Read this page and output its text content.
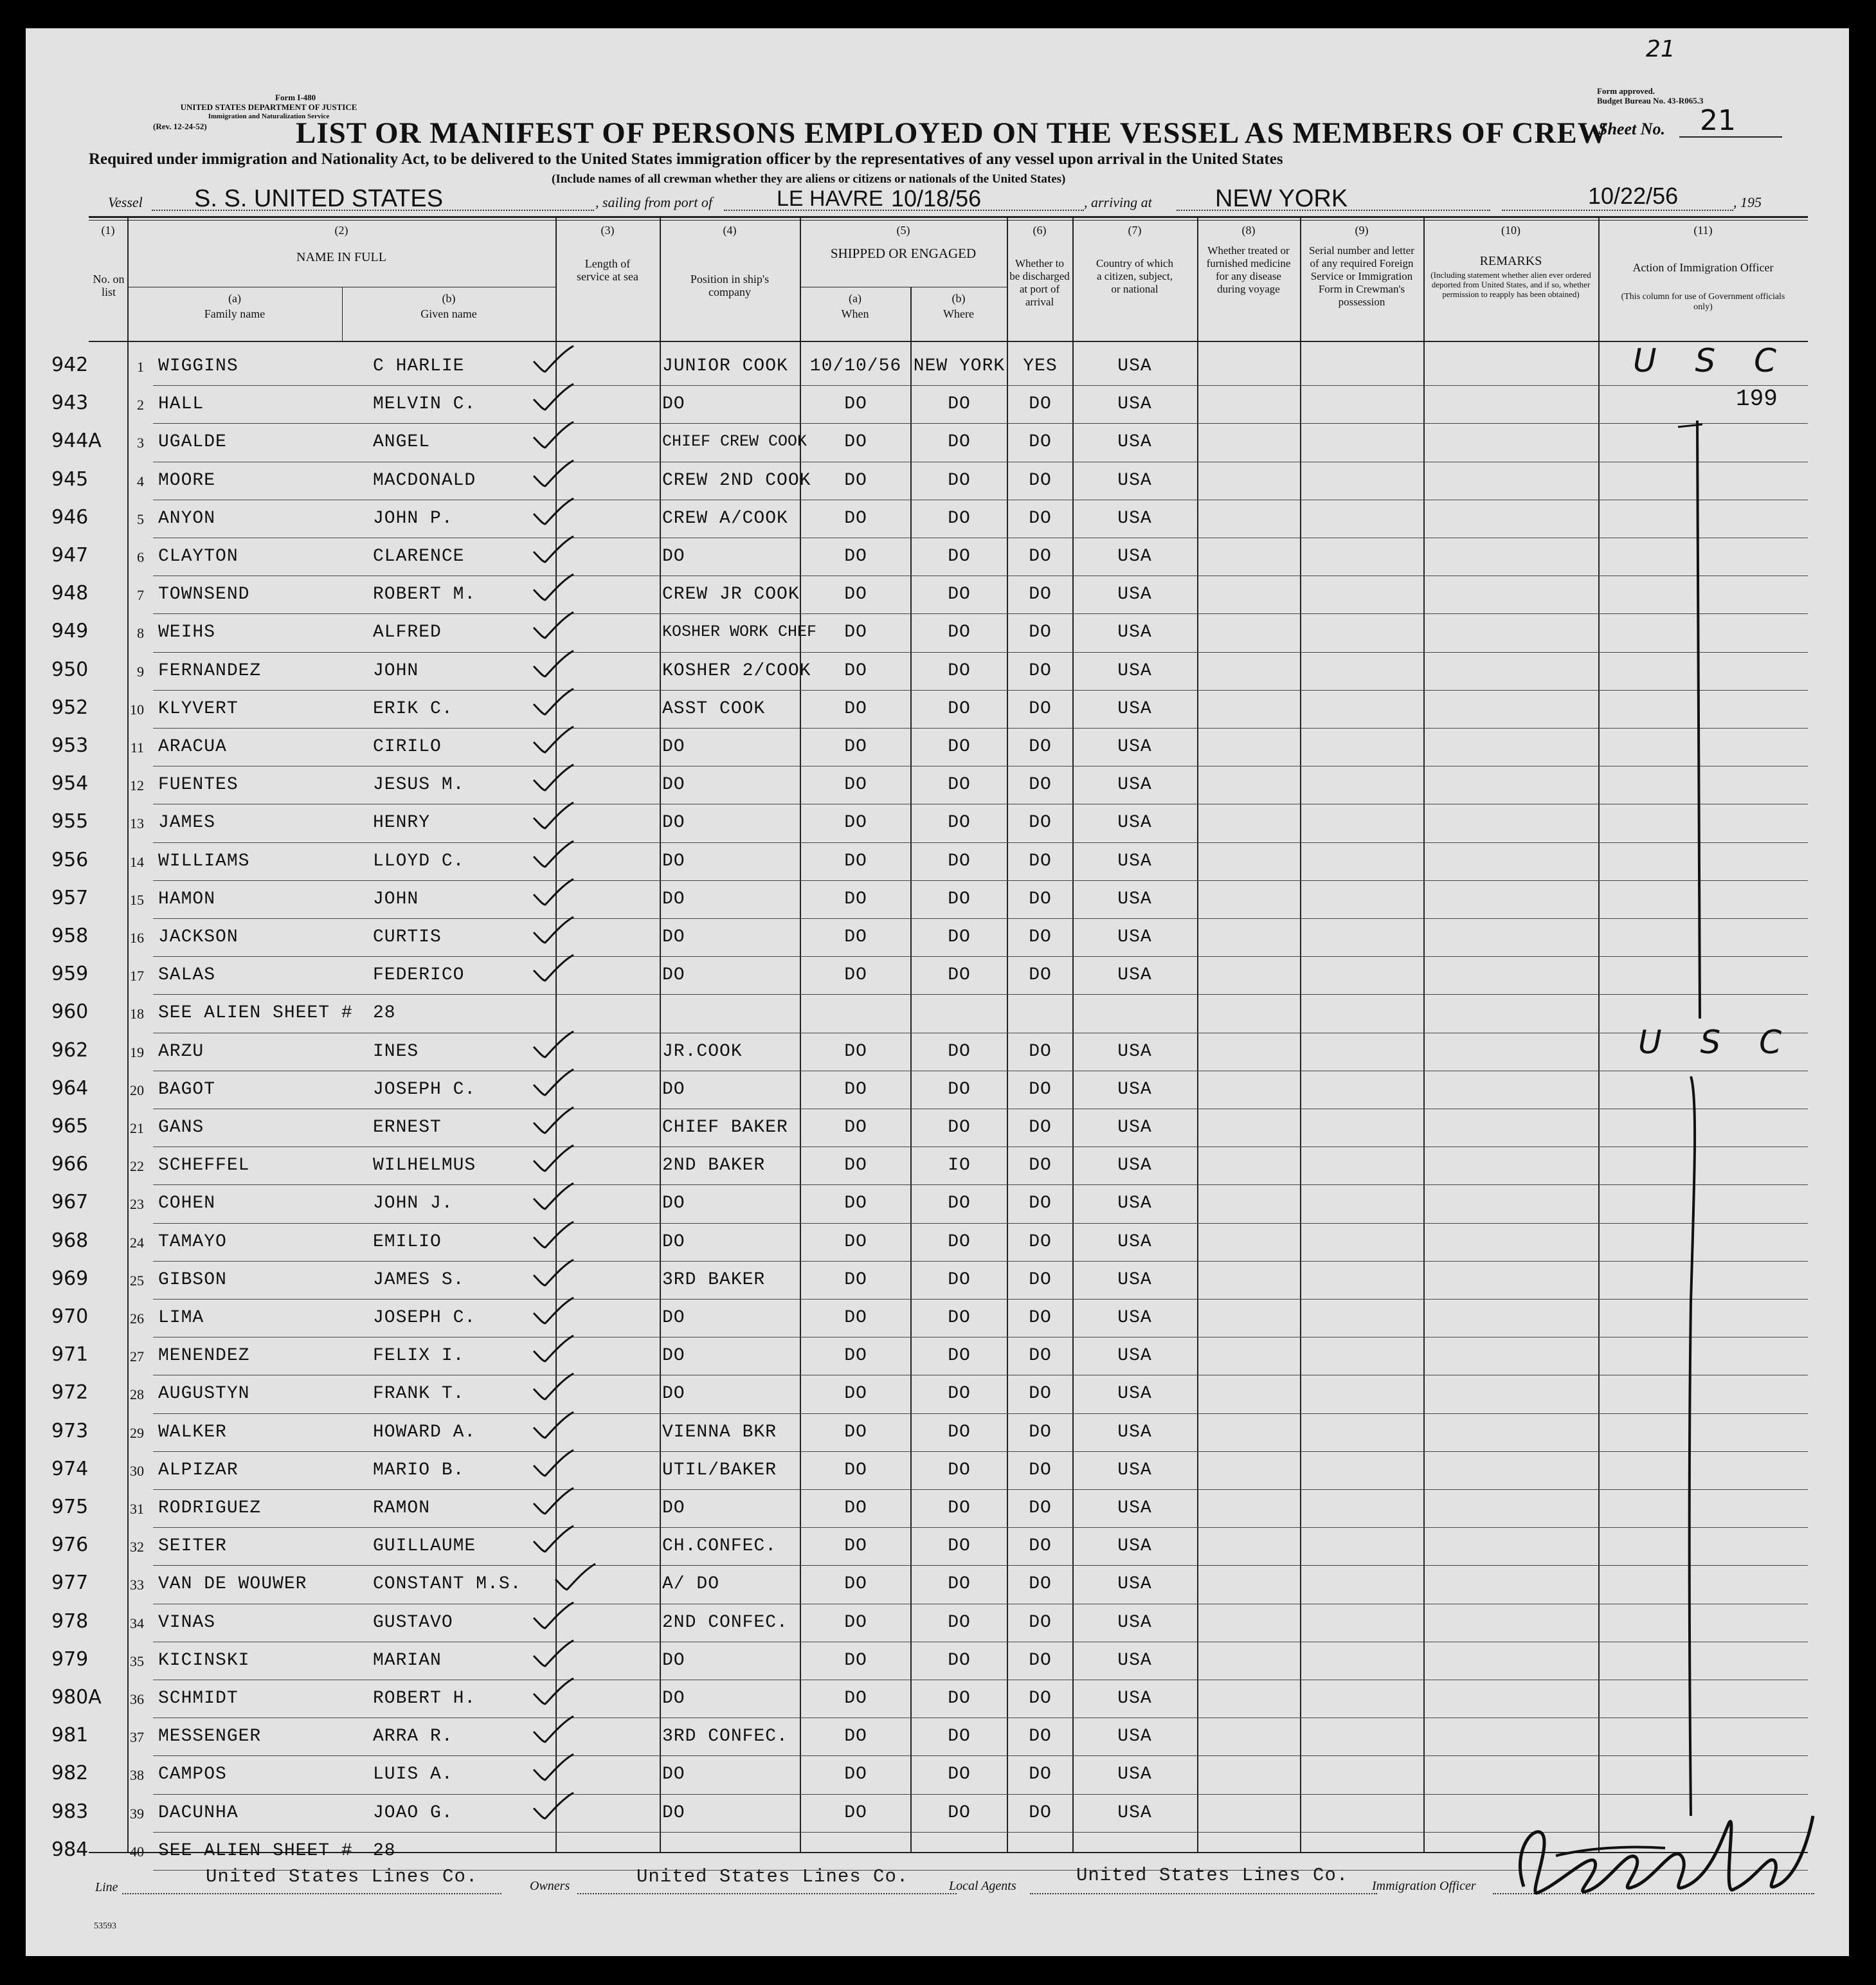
Form I-480
UNITED STATES DEPARTMENT OF JUSTICE
Immigration and Naturalization Service
(Rev. 12-24-52)
Form approved.
Budget Bureau No. 43-R065.3
21
LIST OR MANIFEST OF PERSONS EMPLOYED ON THE VESSEL AS MEMBERS OF CREW
Sheet No. 21
Required under immigration and Nationality Act, to be delivered to the United States immigration officer by the representatives of any vessel upon arrival in the United States
(Include names of all crewman whether they are aliens or citizens or nationals of the United States)
Vessel S. S. UNITED STATES	, sailing from port of	LE HAVRE 10/18/56	, arriving at	NEW YORK	10/22/56	, 195
(1)
No. on list
(2)
NAME IN FULL
(a)
Family name
(b)
Given name
(3)
Length of service at sea
(4)
Position in ship's company
(5)
SHIPPED OR ENGAGED
(a)
When
(b)
Where
(6)
Whether to be discharged at port of arrival
(7)
Country of which a citizen, subject, or national
(8)
Whether treated or furnished medicine for any disease during voyage
(9)
Serial number and letter of any required Foreign Service or Immigration Form in Crewman's possession
(10)
REMARKS
(Including statement whether alien ever ordered deported from United States, and if so, whether permission to reapply has been obtained)
(11)
Action of Immigration Officer
(This column for use of Government officials only)
942	1 WIGGINS	C HARLIE	JUNIOR COOK	10/10/56 NEW YORK	YES	USA
943	2 HALL	MELVIN C.	DO	DO	DO	DO	USA
944A	3 UGALDE	ANGEL	CHIEF CREW COOK	DO	DO	DO	USA
945	4 MOORE	MACDONALD	CREW 2ND COOK	DO	DO	DO	USA
946	5 ANYON	JOHN P.	CREW A/COOK	DO	DO	DO	USA
947	6 CLAYTON	CLARENCE	DO	DO	DO	DO	USA
948	7 TOWNSEND	ROBERT M.	CREW JR COOK	DO	DO	DO	USA
949	8 WEIHS	ALFRED	KOSHER WORK CHEF	DO	DO	DO	USA
950	9 FERNANDEZ	JOHN	KOSHER 2/COOK	DO	DO	DO	USA
952	10 KLYVERT	ERIK C.	ASST COOK	DO	DO	DO	USA
953	11 ARACUA	CIRILO	DO	DO	DO	DO	USA
954	12 FUENTES	JESUS M.	DO	DO	DO	DO	USA
955	13 JAMES	HENRY	DO	DO	DO	DO	USA
956	14 WILLIAMS	LLOYD C.	DO	DO	DO	DO	USA
957	15 HAMON	JOHN	DO	DO	DO	DO	USA
958	16 JACKSON	CURTIS	DO	DO	DO	DO	USA
959	17 SALAS	FEDERICO	DO	DO	DO	DO	USA
960	18 SEE ALIEN SHEET # 28
962	19 ARZU	INES	JR.COOK	DO	DO	DO	USA
964	20 BAGOT	JOSEPH C.	DO	DO	DO	DO	USA
965	21 GANS	ERNEST	CHIEF BAKER	DO	DO	DO	USA
966	22 SCHEFFEL	WILHELMUS	2ND BAKER	DO	IO	DO	USA
967	23 COHEN	JOHN J.	DO	DO	DO	DO	USA
968	24 TAMAYO	EMILIO	DO	DO	DO	DO	USA
969	25 GIBSON	JAMES S.	3RD BAKER	DO	DO	DO	USA
970	26 LIMA	JOSEPH C.	DO	DO	DO	DO	USA
971	27 MENENDEZ	FELIX I.	DO	DO	DO	DO	USA
972	28 AUGUSTYN	FRANK T.	DO	DO	DO	DO	USA
973	29 WALKER	HOWARD A.	VIENNA BKR	DO	DO	DO	USA
974	30 ALPIZAR	MARIO B.	UTIL/BAKER	DO	DO	DO	USA
975	31 RODRIGUEZ	RAMON	DO	DO	DO	DO	USA
976	32 SEITER	GUILLAUME	CH.CONFEC.	DO	DO	DO	USA
977	33 VAN DE WOUWER	CONSTANT M.S.	A/ DO	DO	DO	DO	USA
978	34 VINAS	GUSTAVO	2ND CONFEC.	DO	DO	DO	USA
979	35 KICINSKI	MARIAN	DO	DO	DO	DO	USA
980A	36 SCHMIDT	ROBERT H.	DO	DO	DO	DO	USA
981	37 MESSENGER	ARRA R.	3RD CONFEC.	DO	DO	DO	USA
982	38 CAMPOS	LUIS A.	DO	DO	DO	DO	USA
983	39 DACUNHA	JOAO G.	DO	DO	DO	DO	USA
984	40 SEE ALIEN SHEET # 28
U S C
199
U S C
Line	United States Lines Co.	Owners	United States Lines Co.	Local Agents	United States Lines Co. Immigration Officer
53593
